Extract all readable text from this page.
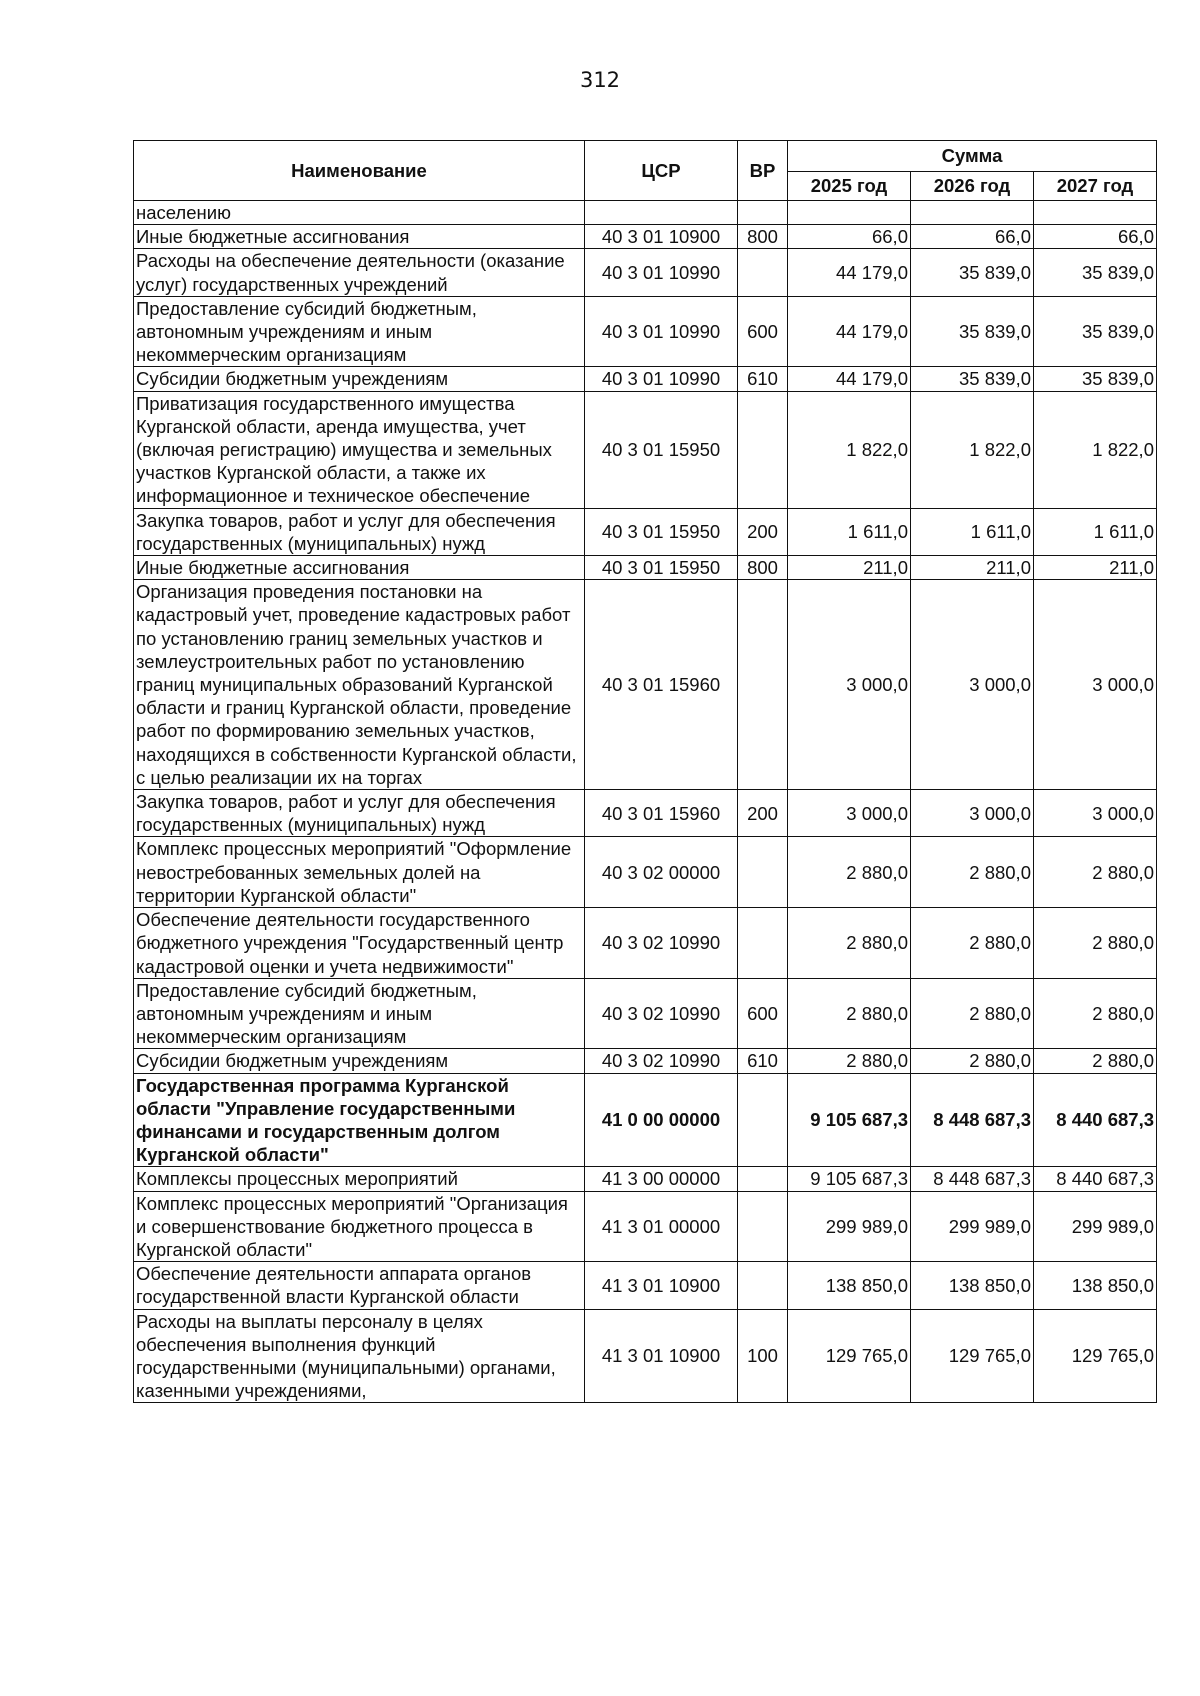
312
Наименование	ЦСР	ВР	Сумма		
			2025 год	2026 год	2027 год
населению					
Иные бюджетные ассигнования	40 3 01 10900	800	66,0	66,0	66,0
Расходы на обеспечение деятельности (оказание услуг) государственных учреждений	40 3 01 10990		44 179,0	35 839,0	35 839,0
Предоставление субсидий бюджетным, автономным учреждениям и иным некоммерческим организациям	40 3 01 10990	600	44 179,0	35 839,0	35 839,0
Субсидии бюджетным учреждениям	40 3 01 10990	610	44 179,0	35 839,0	35 839,0
Приватизация государственного имущества Курганской области, аренда имущества, учет (включая регистрацию) имущества и земельных участков Курганской области, а также их информационное и техническое обеспечение	40 3 01 15950		1 822,0	1 822,0	1 822,0
Закупка товаров, работ и услуг для обеспечения государственных (муниципальных) нужд	40 3 01 15950	200	1 611,0	1 611,0	1 611,0
Иные бюджетные ассигнования	40 3 01 15950	800	211,0	211,0	211,0
Организация проведения постановки на кадастровый учет, проведение кадастровых работ по установлению границ земельных участков и землеустроительных работ по установлению границ муниципальных образований Курганской области и границ Курганской области, проведение работ по формированию земельных участков, находящихся в собственности Курганской области, с целью реализации их на торгах	40 3 01 15960		3 000,0	3 000,0	3 000,0
Закупка товаров, работ и услуг для обеспечения государственных (муниципальных) нужд	40 3 01 15960	200	3 000,0	3 000,0	3 000,0
Комплекс процессных мероприятий "Оформление невостребованных земельных долей на территории Курганской области"	40 3 02 00000		2 880,0	2 880,0	2 880,0
Обеспечение деятельности государственного бюджетного учреждения "Государственный центр кадастровой оценки и учета недвижимости"	40 3 02 10990		2 880,0	2 880,0	2 880,0
Предоставление субсидий бюджетным, автономным учреждениям и иным некоммерческим организациям	40 3 02 10990	600	2 880,0	2 880,0	2 880,0
Субсидии бюджетным учреждениям	40 3 02 10990	610	2 880,0	2 880,0	2 880,0
Государственная программа Курганской области "Управление государственными финансами и государственным долгом Курганской области"	41 0 00 00000		9 105 687,3	8 448 687,3	8 440 687,3
Комплексы процессных мероприятий	41 3 00 00000		9 105 687,3	8 448 687,3	8 440 687,3
Комплекс процессных мероприятий "Организация и совершенствование бюджетного процесса в Курганской области"	41 3 01 00000		299 989,0	299 989,0	299 989,0
Обеспечение деятельности аппарата органов государственной власти Курганской области	41 3 01 10900		138 850,0	138 850,0	138 850,0
Расходы на выплаты персоналу в целях обеспечения выполнения функций государственными (муниципальными) органами, казенными учреждениями,	41 3 01 10900	100	129 765,0	129 765,0	129 765,0
